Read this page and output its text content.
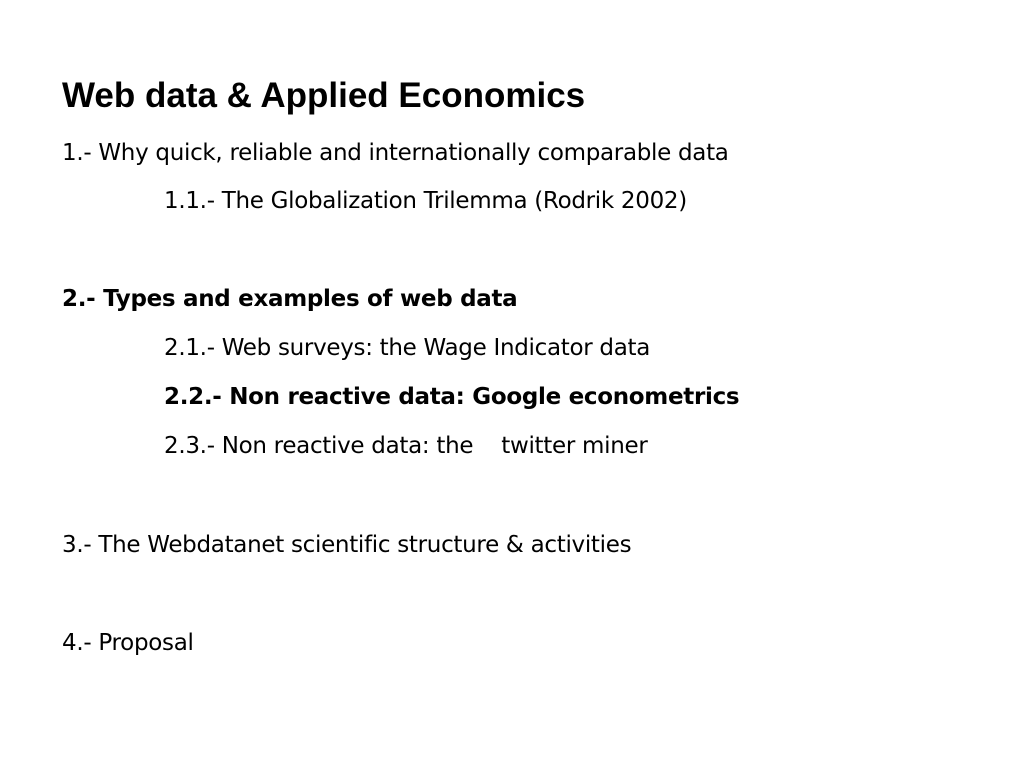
Web data & Applied Economics
1.- Why quick, reliable and internationally comparable data
1.1.- The Globalization Trilemma (Rodrik 2002)
2.- Types and examples of web data
2.1.- Web surveys: the Wage Indicator data
2.2.- Non reactive data: Google econometrics
2.3.- Non reactive data: the    twitter miner
3.- The Webdatanet scientific structure & activities
4.- Proposal
